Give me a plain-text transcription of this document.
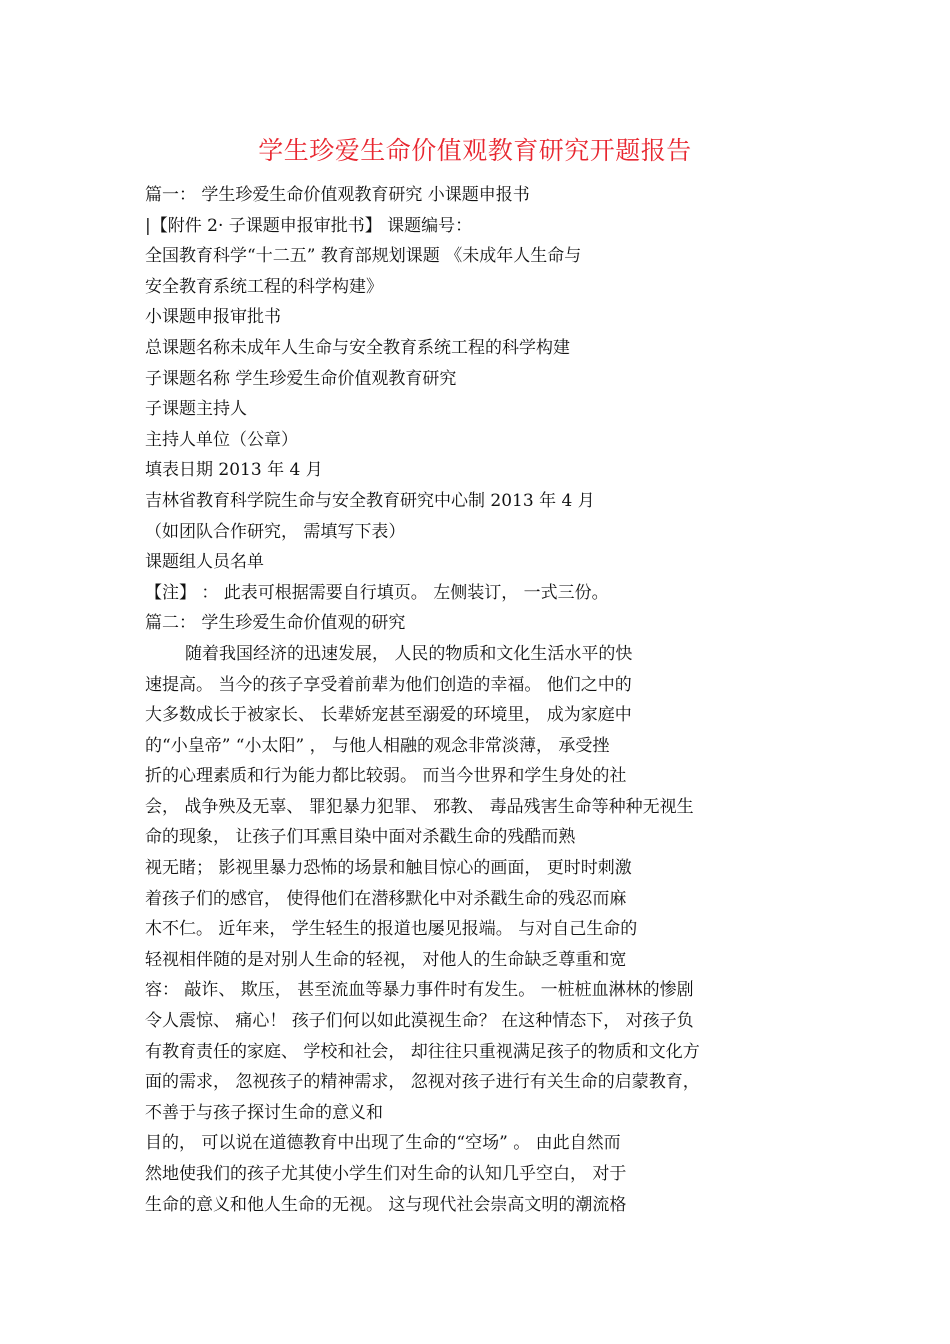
学生珍爱生命价值观教育研究开题报告
篇一： 学生珍爱生命价值观教育研究 小课题申报书
|【附件 2· 子课题申报审批书】 课题编号：
全国教育科学“十二五” 教育部规划课题 《未成年人生命与
安全教育系统工程的科学构建》
小课题申报审批书
总课题名称未成年人生命与安全教育系统工程的科学构建
子课题名称 学生珍爱生命价值观教育研究
子课题主持人
主持人单位（公章）
填表日期 2013 年 4 月
吉林省教育科学院生命与安全教育研究中心制 2013 年 4 月
（如团队合作研究， 需填写下表）
课题组人员名单
【注】 ： 此表可根据需要自行填页。 左侧装订， 一式三份。
篇二： 学生珍爱生命价值观的研究
随着我国经济的迅速发展， 人民的物质和文化生活水平的快
速提高。 当今的孩子享受着前辈为他们创造的幸福。 他们之中的
大多数成长于被家长、 长辈娇宠甚至溺爱的环境里， 成为家庭中
的“小皇帝” “小太阳” ， 与他人相融的观念非常淡薄， 承受挫
折的心理素质和行为能力都比较弱。 而当今世界和学生身处的社
会， 战争殃及无辜、 罪犯暴力犯罪、 邪教、 毒品残害生命等种种无视生
命的现象， 让孩子们耳熏目染中面对杀戳生命的残酷而熟
视无睹； 影视里暴力恐怖的场景和触目惊心的画面， 更时时刺激
着孩子们的感官， 使得他们在潜移默化中对杀戳生命的残忍而麻
木不仁。 近年来， 学生轻生的报道也屡见报端。 与对自己生命的
轻视相伴随的是对别人生命的轻视， 对他人的生命缺乏尊重和宽
容： 敲诈、 欺压， 甚至流血等暴力事件时有发生。 一桩桩血淋林的惨剧
令人震惊、 痛心！ 孩子们何以如此漠视生命？ 在这种情态下， 对孩子负
有教育责任的家庭、 学校和社会， 却往往只重视满足孩子的物质和文化方
面的需求， 忽视孩子的精神需求， 忽视对孩子进行有关生命的启蒙教育，
不善于与孩子探讨生命的意义和
目的， 可以说在道德教育中出现了生命的“空场” 。 由此自然而
然地使我们的孩子尤其使小学生们对生命的认知几乎空白， 对于
生命的意义和他人生命的无视。 这与现代社会崇高文明的潮流格
